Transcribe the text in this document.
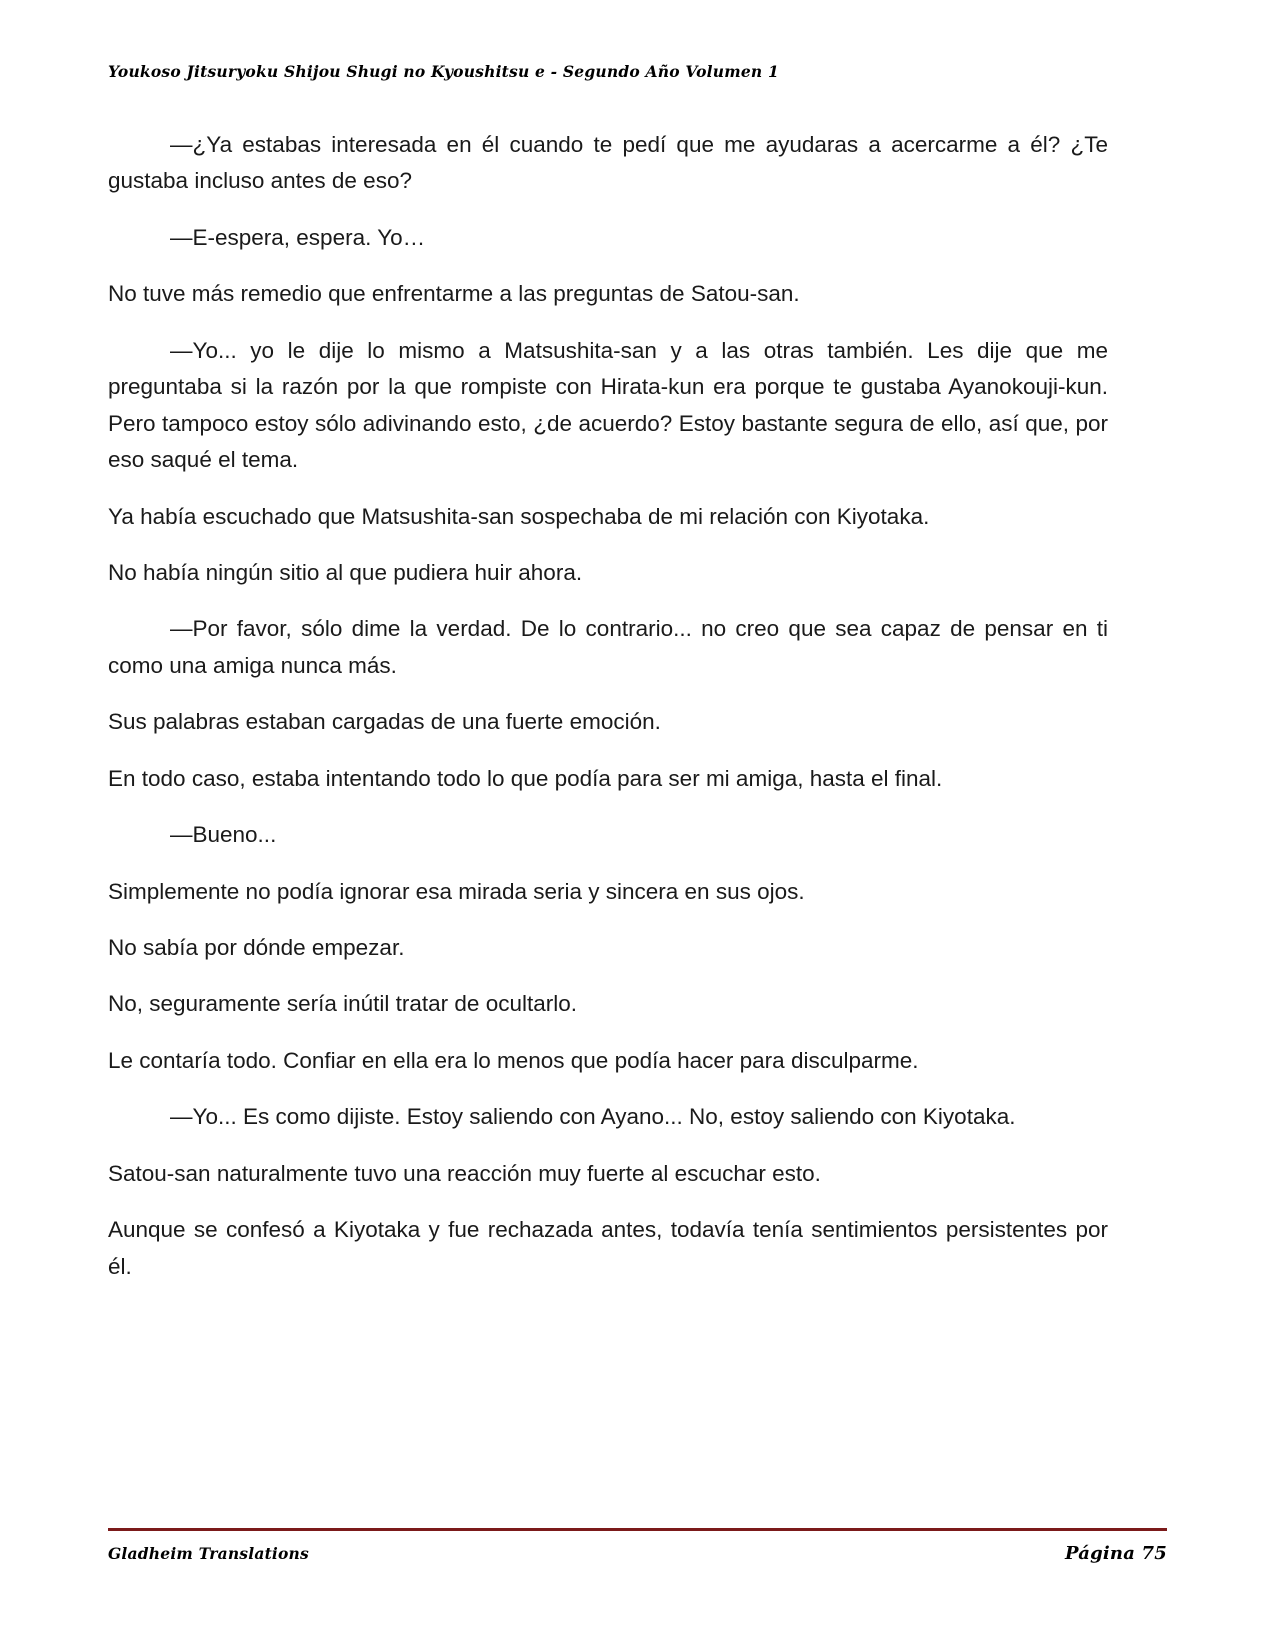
Youkoso Jitsuryoku Shijou Shugi no Kyoushitsu e - Segundo Año Volumen 1

—¿Ya estabas interesada en él cuando te pedí que me ayudaras a acercarme a él? ¿Te gustaba incluso antes de eso?

—E-espera, espera. Yo…

No tuve más remedio que enfrentarme a las preguntas de Satou-san.

—Yo... yo le dije lo mismo a Matsushita-san y a las otras también. Les dije que me preguntaba si la razón por la que rompiste con Hirata-kun era porque te gustaba Ayanokouji-kun. Pero tampoco estoy sólo adivinando esto, ¿de acuerdo? Estoy bastante segura de ello, así que, por eso saqué el tema.

Ya había escuchado que Matsushita-san sospechaba de mi relación con Kiyotaka.

No había ningún sitio al que pudiera huir ahora.

—Por favor, sólo dime la verdad. De lo contrario... no creo que sea capaz de pensar en ti como una amiga nunca más.

Sus palabras estaban cargadas de una fuerte emoción.

En todo caso, estaba intentando todo lo que podía para ser mi amiga, hasta el final.

—Bueno...

Simplemente no podía ignorar esa mirada seria y sincera en sus ojos.

No sabía por dónde empezar.

No, seguramente sería inútil tratar de ocultarlo.

Le contaría todo. Confiar en ella era lo menos que podía hacer para disculparme.

—Yo... Es como dijiste. Estoy saliendo con Ayano... No, estoy saliendo con Kiyotaka.

Satou-san naturalmente tuvo una reacción muy fuerte al escuchar esto.

Aunque se confesó a Kiyotaka y fue rechazada antes, todavía tenía sentimientos persistentes por él.

Gladheim Translations	Página 75
